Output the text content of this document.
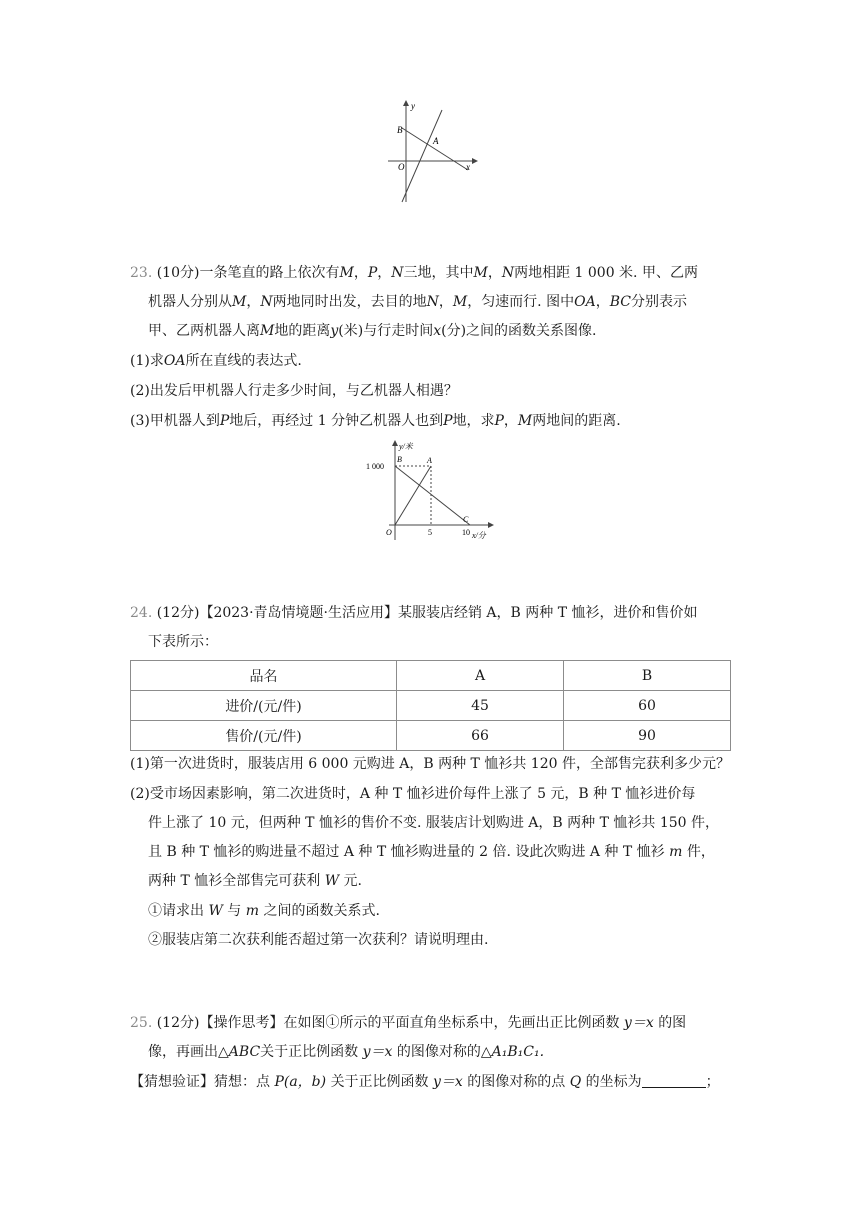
y
x
O
B
A
23. (10分)一条笔直的路上依次有M，P，N三地，其中M，N两地相距 1 000 米. 甲、乙两
机器人分别从M，N两地同时出发，去目的地N，M，匀速而行. 图中OA，BC分别表示
甲、乙两机器人离M地的距离y(米)与行走时间x(分)之间的函数关系图像.
(1)求OA所在直线的表达式.
(2)出发后甲机器人行走多少时间，与乙机器人相遇？
(3)甲机器人到P地后，再经过 1 分钟乙机器人也到P地，求P，M两地间的距离.
y/米
x/分
1 000
5	10
O
B	A
C
24. (12分)【2023·青岛情境题·生活应用】某服装店经销 A，B 两种 T 恤衫，进价和售价如
下表所示：
品名	A	B
进价/(元/件)	45	60
售价/(元/件)	66	90
(1)第一次进货时，服装店用 6 000 元购进 A，B 两种 T 恤衫共 120 件，全部售完获利多少元？
(2)受市场因素影响，第二次进货时，A 种 T 恤衫进价每件上涨了 5 元，B 种 T 恤衫进价每
件上涨了 10 元，但两种 T 恤衫的售价不变. 服装店计划购进 A，B 两种 T 恤衫共 150 件，
且 B 种 T 恤衫的购进量不超过 A 种 T 恤衫购进量的 2 倍. 设此次购进 A 种 T 恤衫 m 件，
两种 T 恤衫全部售完可获利 W 元.
①请求出 W 与 m 之间的函数关系式.
②服装店第二次获利能否超过第一次获利？请说明理由.
25. (12分)【操作思考】在如图①所示的平面直角坐标系中，先画出正比例函数 y＝x 的图
像，再画出△ABC关于正比例函数 y＝x 的图像对称的△A₁B₁C₁.
【猜想验证】猜想：点 P(a，b) 关于正比例函数 y＝x 的图像对称的点 Q 的坐标为	；
